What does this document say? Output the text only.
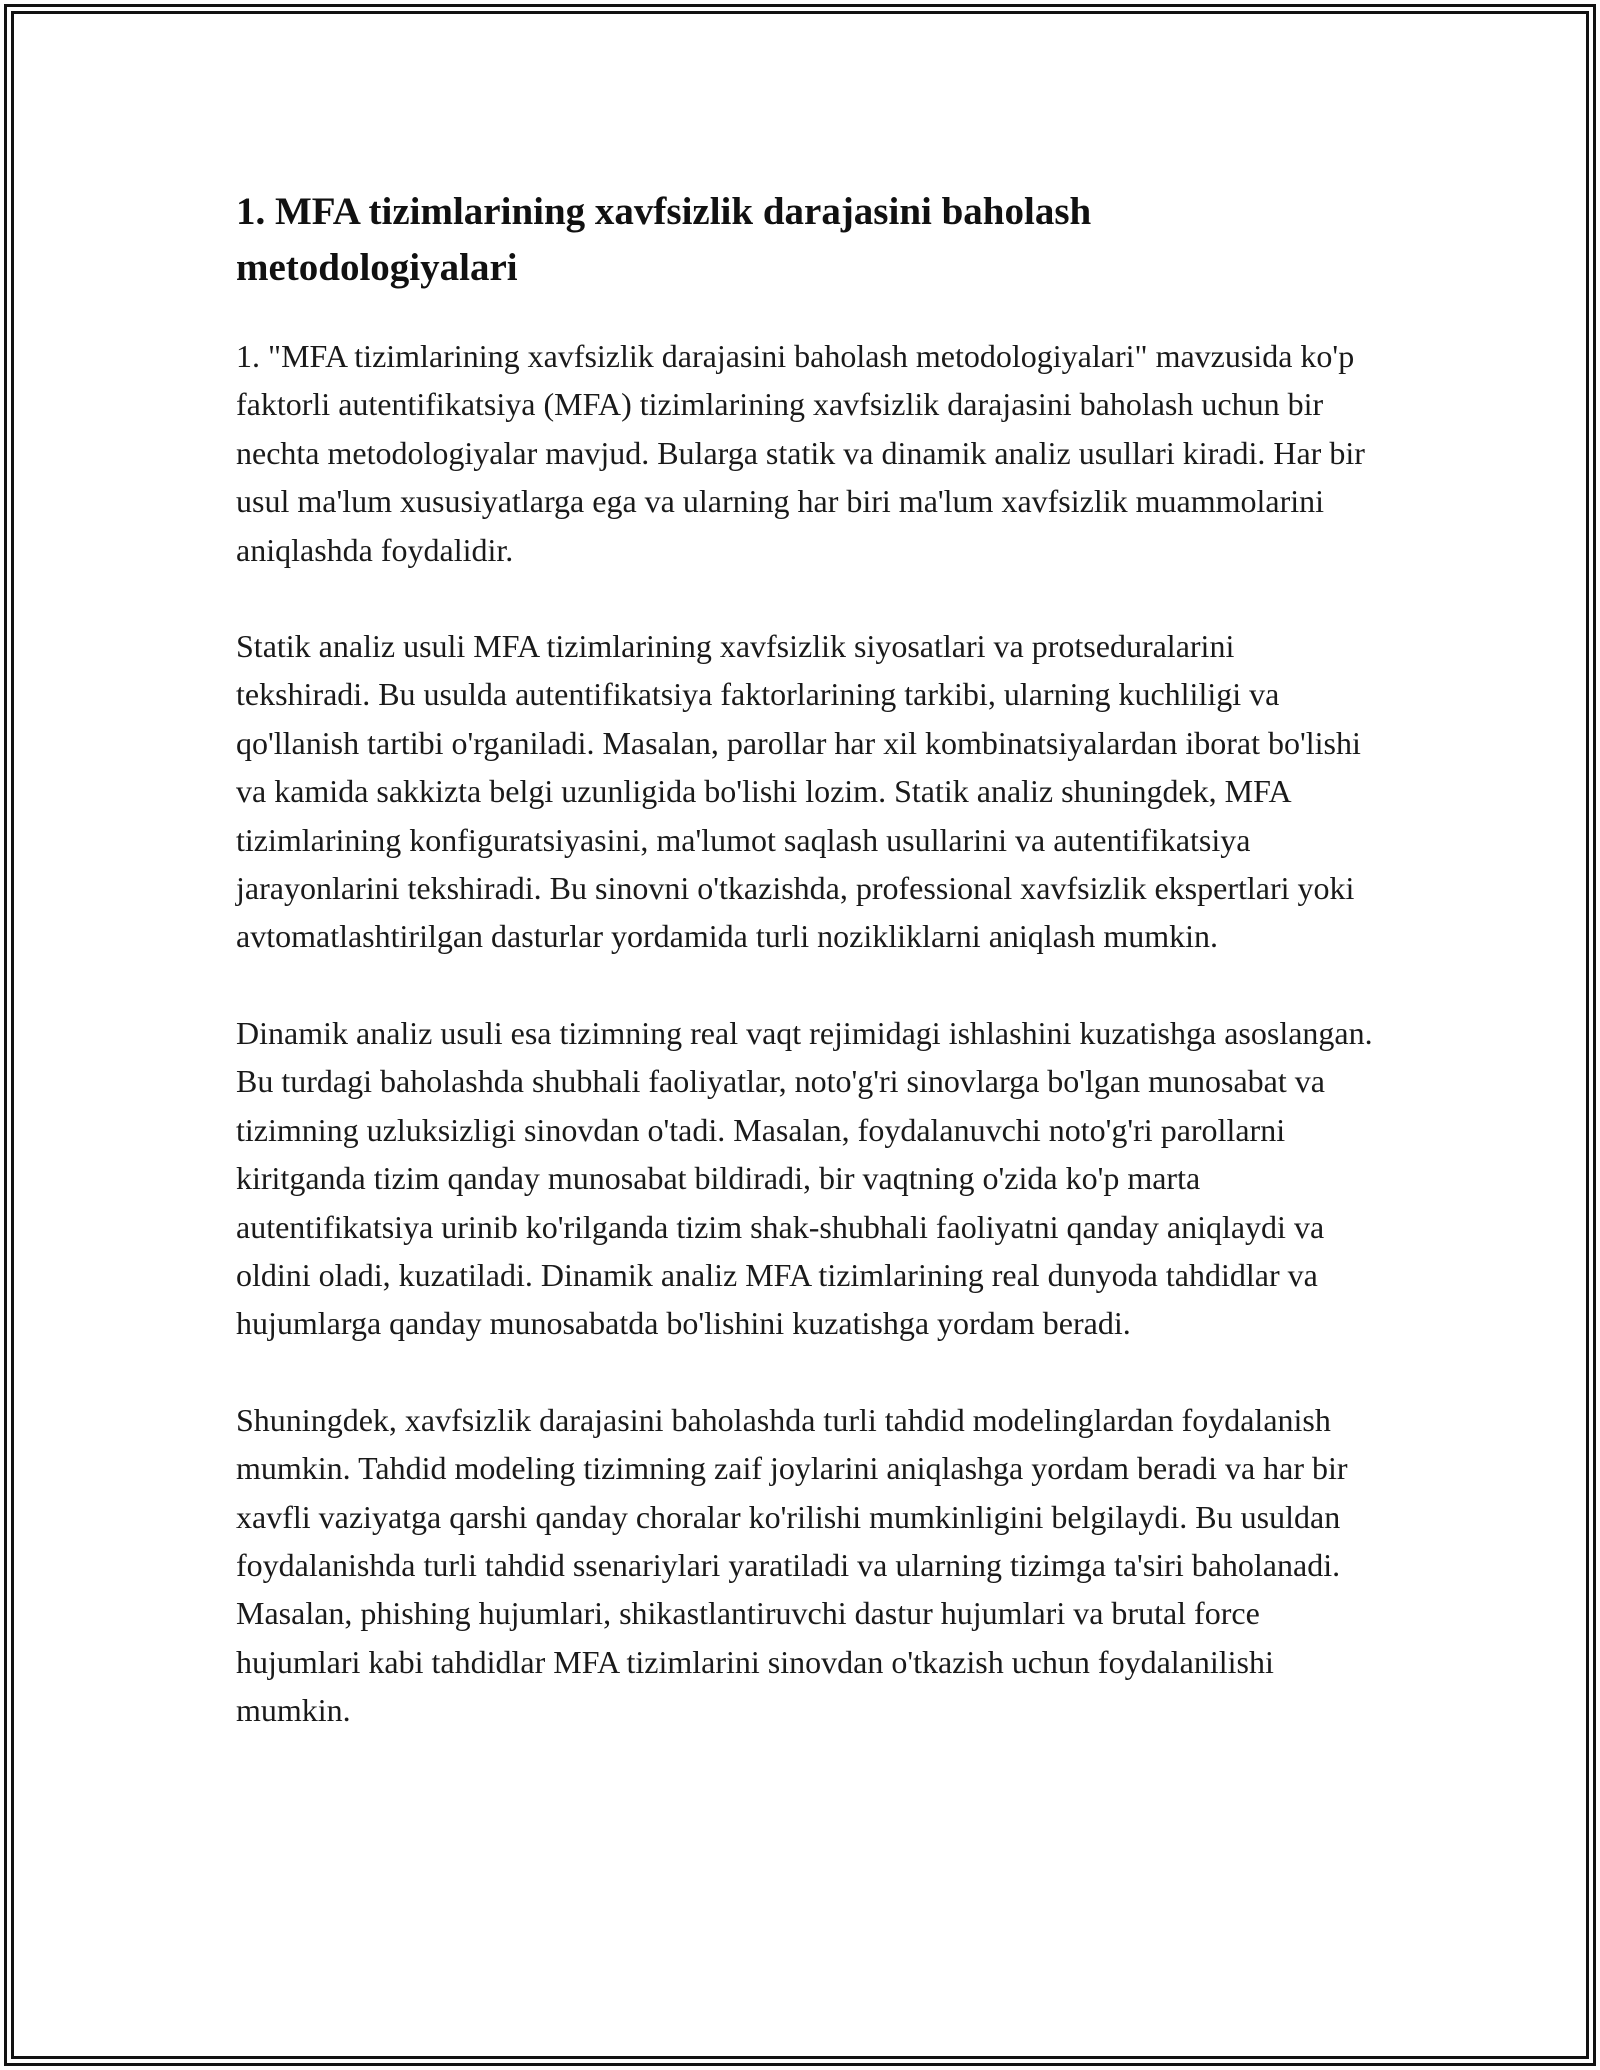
1. MFA tizimlarining xavfsizlik darajasini baholash metodologiyalari

1. "MFA tizimlarining xavfsizlik darajasini baholash metodologiyalari" mavzusida ko'p faktorli autentifikatsiya (MFA) tizimlarining xavfsizlik darajasini baholash uchun bir nechta metodologiyalar mavjud. Bularga statik va dinamik analiz usullari kiradi. Har bir usul ma'lum xususiyatlarga ega va ularning har biri ma'lum xavfsizlik muammolarini aniqlashda foydalidir.

Statik analiz usuli MFA tizimlarining xavfsizlik siyosatlari va protseduralarini tekshiradi. Bu usulda autentifikatsiya faktorlarining tarkibi, ularning kuchliligi va qo'llanish tartibi o'rganiladi. Masalan, parollar har xil kombinatsiyalardan iborat bo'lishi va kamida sakkizta belgi uzunligida bo'lishi lozim. Statik analiz shuningdek, MFA tizimlarining konfiguratsiyasini, ma'lumot saqlash usullarini va autentifikatsiya jarayonlarini tekshiradi. Bu sinovni o'tkazishda, professional xavfsizlik ekspertlari yoki avtomatlashtirilgan dasturlar yordamida turli nozikliklarni aniqlash mumkin.

Dinamik analiz usuli esa tizimning real vaqt rejimidagi ishlashini kuzatishga asoslangan. Bu turdagi baholashda shubhali faoliyatlar, noto'g'ri sinovlarga bo'lgan munosabat va tizimning uzluksizligi sinovdan o'tadi. Masalan, foydalanuvchi noto'g'ri parollarni kiritganda tizim qanday munosabat bildiradi, bir vaqtning o'zida ko'p marta autentifikatsiya urinib ko'rilganda tizim shak-shubhali faoliyatni qanday aniqlaydi va oldini oladi, kuzatiladi. Dinamik analiz MFA tizimlarining real dunyoda tahdidlar va hujumlarga qanday munosabatda bo'lishini kuzatishga yordam beradi.

Shuningdek, xavfsizlik darajasini baholashda turli tahdid modelinglardan foydalanish mumkin. Tahdid modeling tizimning zaif joylarini aniqlashga yordam beradi va har bir xavfli vaziyatga qarshi qanday choralar ko'rilishi mumkinligini belgilaydi. Bu usuldan foydalanishda turli tahdid ssenariylari yaratiladi va ularning tizimga ta'siri baholanadi. Masalan, phishing hujumlari, shikastlantiruvchi dastur hujumlari va brutal force hujumlari kabi tahdidlar MFA tizimlarini sinovdan o'tkazish uchun foydalanilishi mumkin.
